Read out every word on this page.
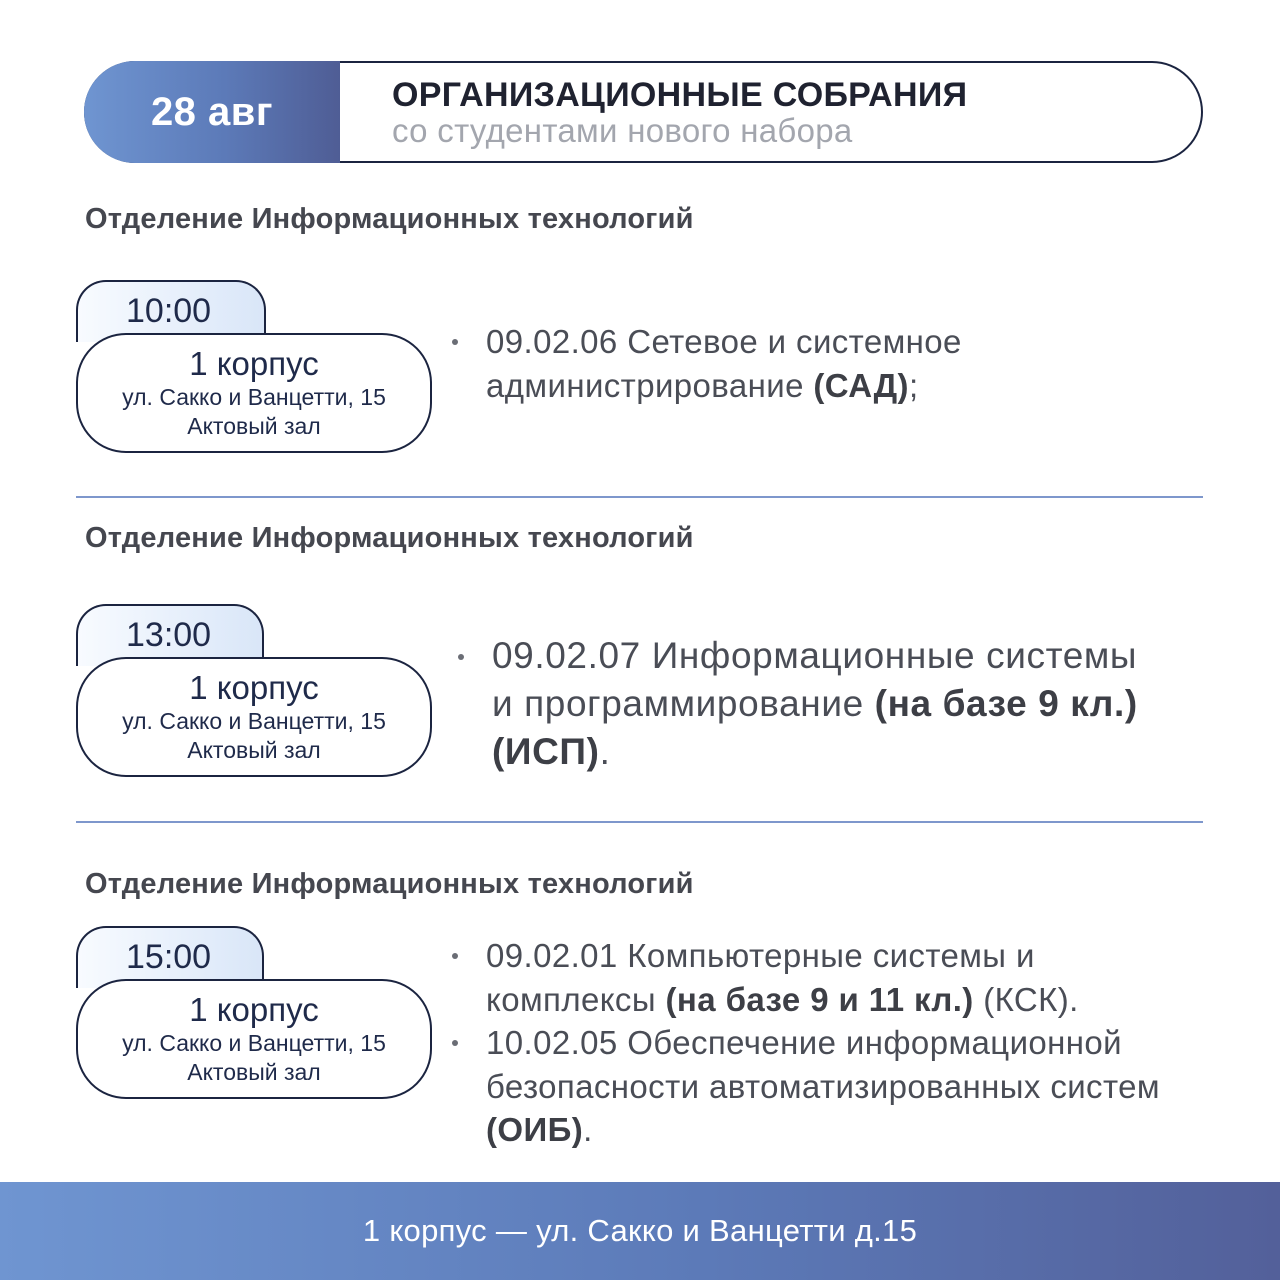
28 авг	ОРГАНИЗАЦИОННЫЕ СОБРАНИЯ
со студентами нового набора
Отделение Информационных технологий
10:00
1 корпус
ул. Сакко и Ванцетти, 15
Актовый зал
09.02.06 Сетевое и системное администрирование (САД);
Отделение Информационных технологий
13:00
1 корпус
ул. Сакко и Ванцетти, 15
Актовый зал
09.02.07 Информационные системы и программирование (на базе 9 кл.) (ИСП).
Отделение Информационных технологий
15:00
1 корпус
ул. Сакко и Ванцетти, 15
Актовый зал
09.02.01 Компьютерные системы и комплексы (на базе 9 и 11 кл.) (КСК).
10.02.05 Обеспечение информационной безопасности автоматизированных систем (ОИБ).
1 корпус — ул. Сакко и Ванцетти д.15
